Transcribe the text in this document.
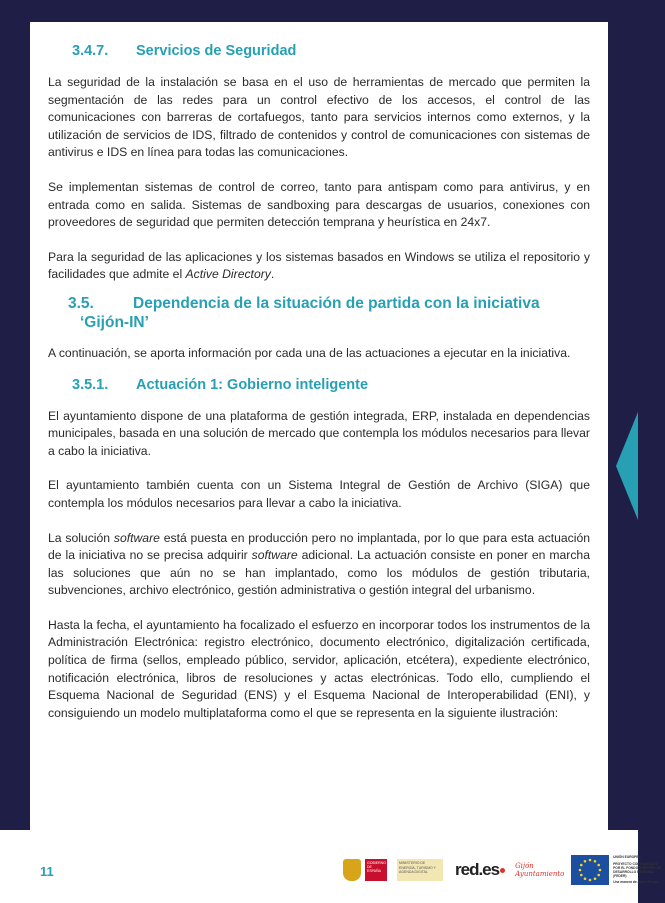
3.4.7. Servicios de Seguridad

La seguridad de la instalación se basa en el uso de herramientas de mercado que permiten la segmentación de las redes para un control efectivo de los accesos, el control de las comunicaciones con barreras de cortafuegos, tanto para servicios internos como externos, y la utilización de servicios de IDS, filtrado de contenidos y control de comunicaciones con sistemas de antivirus e IDS en línea para todas las comunicaciones.

Se implementan sistemas de control de correo, tanto para antispam como para antivirus, y en entrada como en salida. Sistemas de sandboxing para descargas de usuarios, conexiones con proveedores de seguridad que permiten detección temprana y heurística en 24x7.

Para la seguridad de las aplicaciones y los sistemas basados en Windows se utiliza el repositorio y facilidades que admite el Active Directory.

3.5.	Dependencia de la situación de partida con la iniciativa
‘Gijón-IN’

A continuación, se aporta información por cada una de las actuaciones a ejecutar en la iniciativa.

3.5.1. Actuación 1: Gobierno inteligente

El ayuntamiento dispone de una plataforma de gestión integrada, ERP, instalada en dependencias municipales, basada en una solución de mercado que contempla los módulos necesarios para llevar a cabo la iniciativa.

El ayuntamiento también cuenta con un Sistema Integral de Gestión de Archivo (SIGA) que contempla los módulos necesarios para llevar a cabo la iniciativa.

La solución software está puesta en producción pero no implantada, por lo que para esta actuación de la iniciativa no se precisa adquirir software adicional. La actuación consiste en poner en marcha las soluciones que aún no se han implantado, como los módulos de gestión tributaria, subvenciones, archivo electrónico, gestión administrativa o gestión integral del urbanismo.

Hasta la fecha, el ayuntamiento ha focalizado el esfuerzo en incorporar todos los instrumentos de la Administración Electrónica: registro electrónico, documento electrónico, digitalización certificada, política de firma (sellos, empleado público, servidor, aplicación, etcétera), expediente electrónico, notificación electrónica, libros de resoluciones y actas electrónicas. Todo ello, cumpliendo el Esquema Nacional de Seguridad (ENS) y el Esquema Nacional de Interoperabilidad (ENI), y consiguiendo un modelo multiplataforma como el que se representa en la siguiente ilustración:

11
GOBIERNO DE ESPAÑA
MINISTERIO DE ENERGÍA, TURISMO Y AGENDA DIGITAL	red.es Gijón Ayuntamiento
UNIÓN EUROPEA
PROYECTO COFINANCIADO POR EL FONDO EUROPEO DE DESARROLLO REGIONAL (FEDER)
Una manera de hacer Europa
